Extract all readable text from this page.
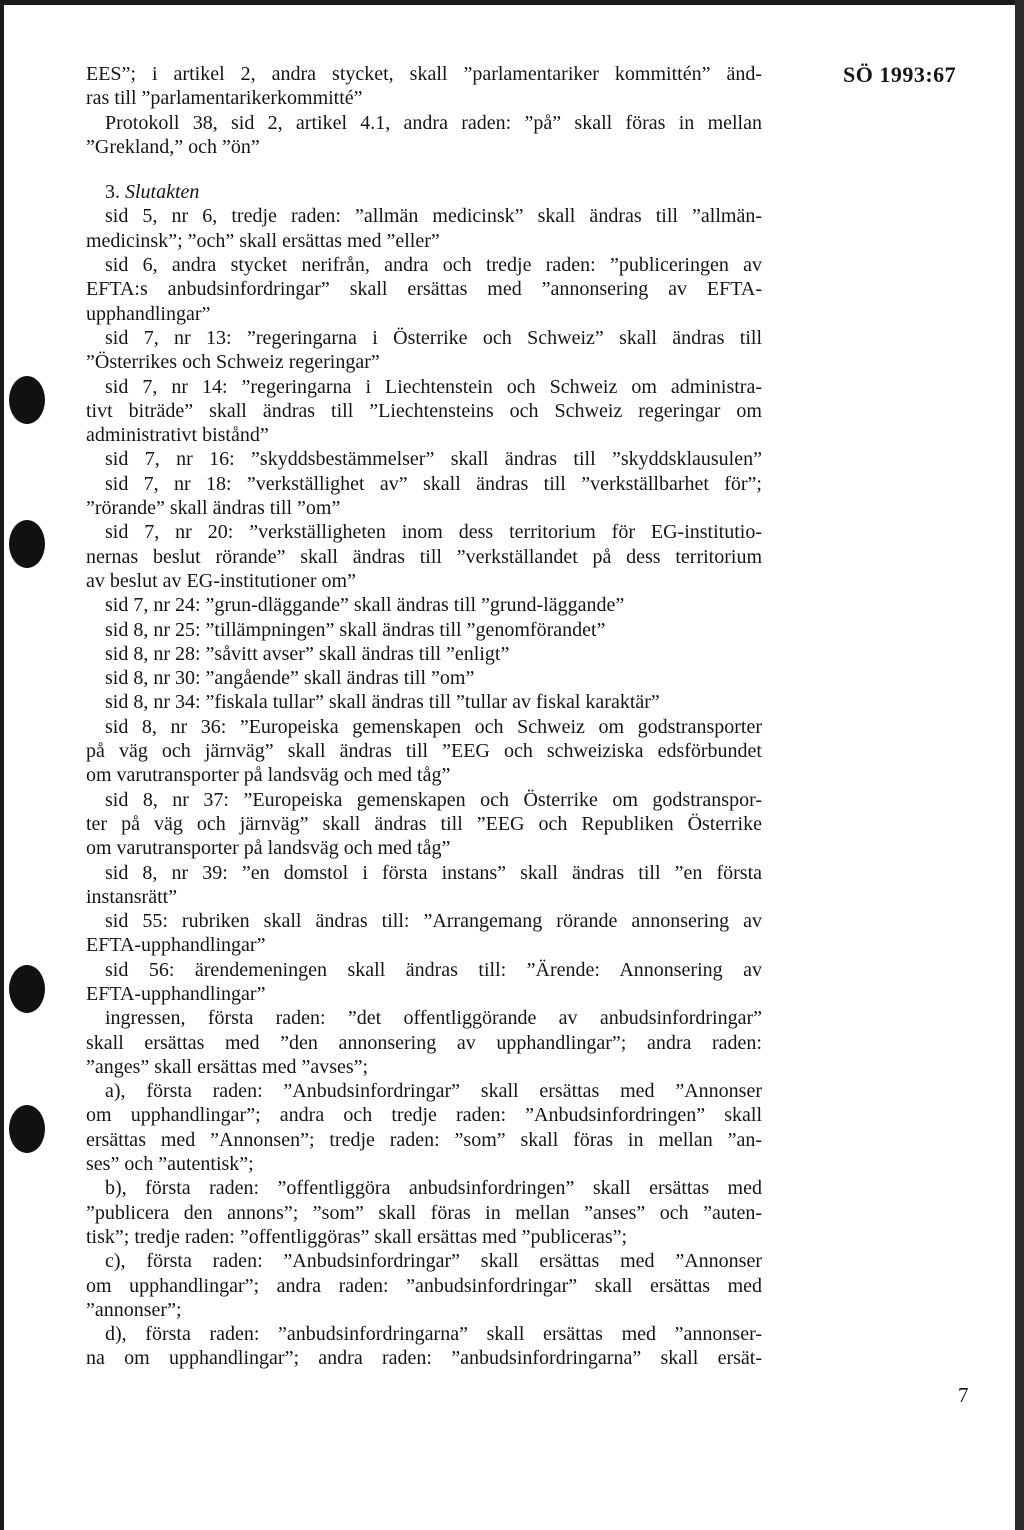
SÖ 1993:67
EES”; i artikel 2, andra stycket, skall ”parlamentariker kommittén” änd-
ras till ”parlamentarikerkommitté”
Protokoll 38, sid 2, artikel 4.1, andra raden: ”på” skall föras in mellan
”Grekland,” och ”ön”
3. Slutakten
sid 5, nr 6, tredje raden: ”allmän medicinsk” skall ändras till ”allmän-
medicinsk”; ”och” skall ersättas med ”eller”
sid 6, andra stycket nerifrån, andra och tredje raden: ”publiceringen av
EFTA:s anbudsinfordringar” skall ersättas med ”annonsering av EFTA-
upphandlingar”
sid 7, nr 13: ”regeringarna i Österrike och Schweiz” skall ändras till
”Österrikes och Schweiz regeringar”
sid 7, nr 14: ”regeringarna i Liechtenstein och Schweiz om administra-
tivt biträde” skall ändras till ”Liechtensteins och Schweiz regeringar om
administrativt bistånd”
sid 7, nr 16: ”skyddsbestämmelser” skall ändras till ”skyddsklausulen”
sid 7, nr 18: ”verkställighet av” skall ändras till ”verkställbarhet för”;
”rörande” skall ändras till ”om”
sid 7, nr 20: ”verkställigheten inom dess territorium för EG-institutio-
nernas beslut rörande” skall ändras till ”verkställandet på dess territorium
av beslut av EG-institutioner om”
sid 7, nr 24: ”grun-dläggande” skall ändras till ”grund-läggande”
sid 8, nr 25: ”tillämpningen” skall ändras till ”genomförandet”
sid 8, nr 28: ”såvitt avser” skall ändras till ”enligt”
sid 8, nr 30: ”angående” skall ändras till ”om”
sid 8, nr 34: ”fiskala tullar” skall ändras till ”tullar av fiskal karaktär”
sid 8, nr 36: ”Europeiska gemenskapen och Schweiz om godstransporter
på väg och järnväg” skall ändras till ”EEG och schweiziska edsförbundet
om varutransporter på landsväg och med tåg”
sid 8, nr 37: ”Europeiska gemenskapen och Österrike om godstranspor-
ter på väg och järnväg” skall ändras till ”EEG och Republiken Österrike
om varutransporter på landsväg och med tåg”
sid 8, nr 39: ”en domstol i första instans” skall ändras till ”en första
instansrätt”
sid 55: rubriken skall ändras till: ”Arrangemang rörande annonsering av
EFTA-upphandlingar”
sid 56: ärendemeningen skall ändras till: ”Ärende: Annonsering av
EFTA-upphandlingar”
ingressen, första raden: ”det offentliggörande av anbudsinfordringar”
skall ersättas med ”den annonsering av upphandlingar”; andra raden:
”anges” skall ersättas med ”avses”;
a), första raden: ”Anbudsinfordringar” skall ersättas med ”Annonser
om upphandlingar”; andra och tredje raden: ”Anbudsinfordringen” skall
ersättas med ”Annonsen”; tredje raden: ”som” skall föras in mellan ”an-
ses” och ”autentisk”;
b), första raden: ”offentliggöra anbudsinfordringen” skall ersättas med
”publicera den annons”; ”som” skall föras in mellan ”anses” och ”auten-
tisk”; tredje raden: ”offentliggöras” skall ersättas med ”publiceras”;
c), första raden: ”Anbudsinfordringar” skall ersättas med ”Annonser
om upphandlingar”; andra raden: ”anbudsinfordringar” skall ersättas med
”annonser”;
d), första raden: ”anbudsinfordringarna” skall ersättas med ”annonser-
na om upphandlingar”; andra raden: ”anbudsinfordringarna” skall ersät-
7
